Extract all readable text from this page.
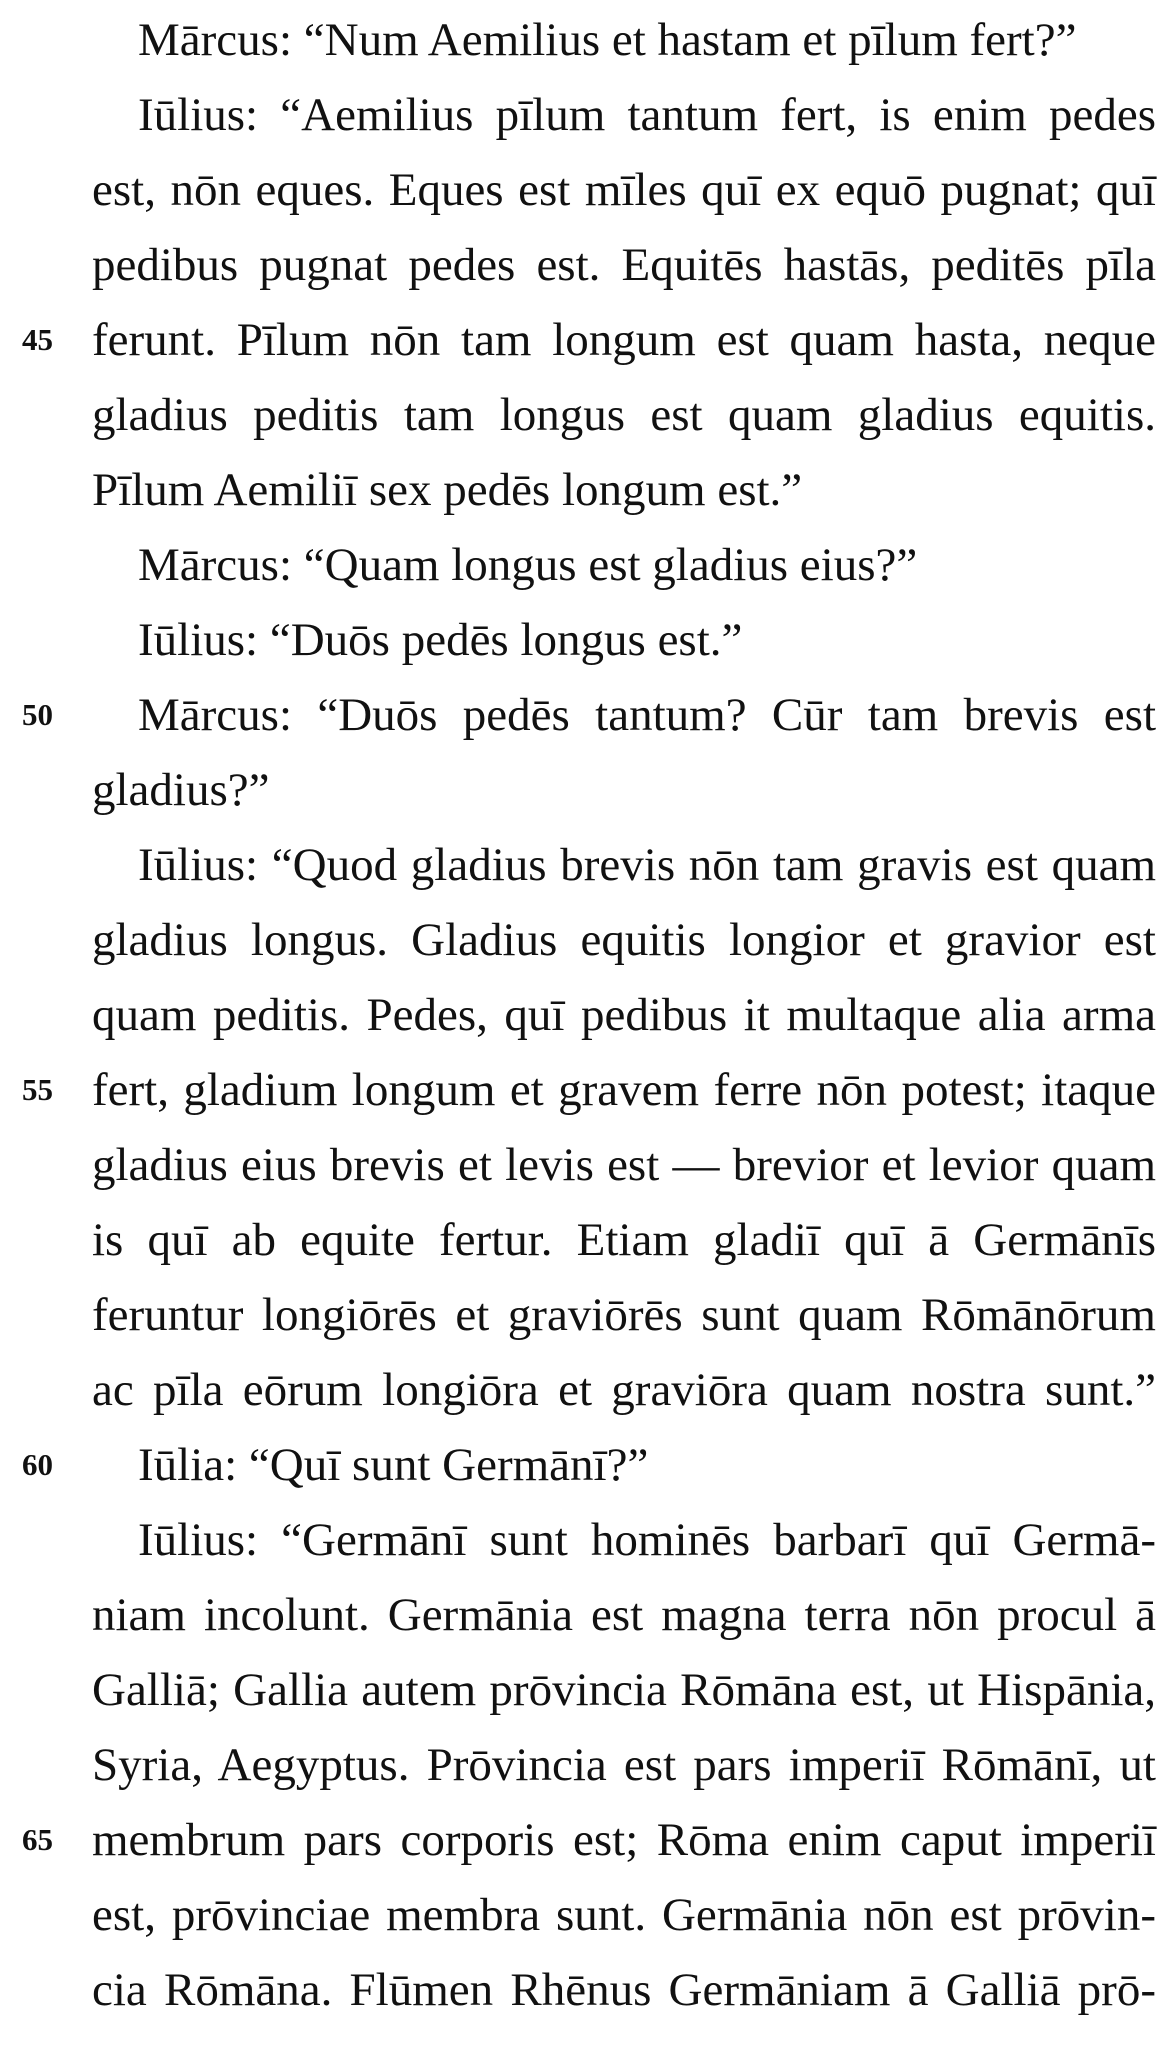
Mārcus: “Num Aemilius et hastam et pīlum fert?”
Iūlius: “Aemilius pīlum tantum fert, is enim pedes
est, nōn eques. Eques est mīles quī ex equō pugnat; quī
pedibus pugnat pedes est. Equitēs hastās, peditēs pīla
ferunt. Pīlum nōn tam longum est quam hasta, neque
gladius peditis tam longus est quam gladius equitis.
Pīlum Aemiliī sex pedēs longum est.”
Mārcus: “Quam longus est gladius eius?”
Iūlius: “Duōs pedēs longus est.”
Mārcus: “Duōs pedēs tantum? Cūr tam brevis est
gladius?”
Iūlius: “Quod gladius brevis nōn tam gravis est quam
gladius longus. Gladius equitis longior et gravior est
quam peditis. Pedes, quī pedibus it multaque alia arma
fert, gladium longum et gravem ferre nōn potest; itaque
gladius eius brevis et levis est — brevior et levior quam
is quī ab equite fertur. Etiam gladiī quī ā Germānīs
feruntur longiōrēs et graviōrēs sunt quam Rōmānōrum
ac pīla eōrum longiōra et graviōra quam nostra sunt.”
Iūlia: “Quī sunt Germānī?”
Iūlius: “Germānī sunt hominēs barbarī quī Germā-
niam incolunt. Germānia est magna terra nōn procul ā
Galliā; Gallia autem prōvincia Rōmāna est, ut Hispānia,
Syria, Aegyptus. Prōvincia est pars imperiī Rōmānī, ut
membrum pars corporis est; Rōma enim caput imperiī
est, prōvinciae membra sunt. Germānia nōn est prōvin-
cia Rōmāna. Flūmen Rhēnus Germāniam ā Galliā prō-
45
50
55
60
65
